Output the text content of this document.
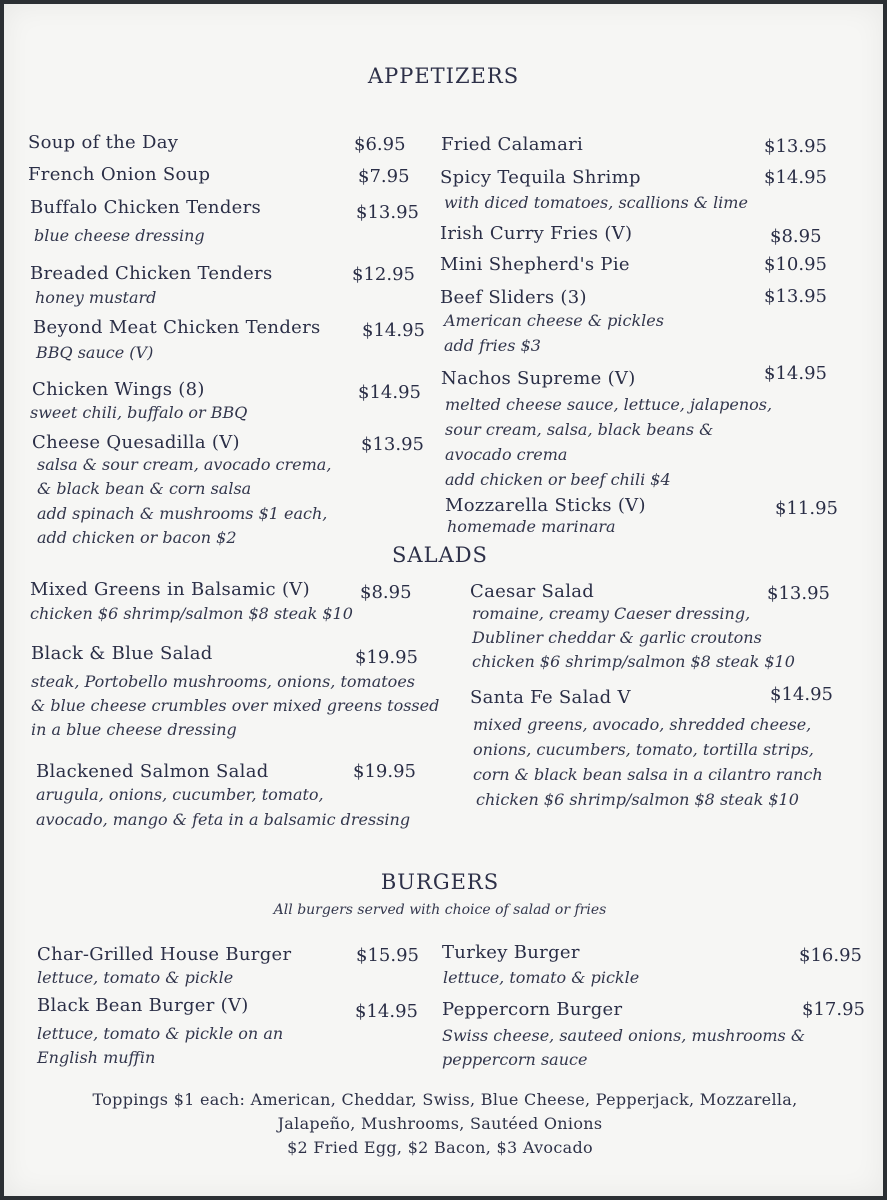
APPETIZERS
Soup of the Day	$6.95
French Onion Soup	$7.95
Buffalo Chicken Tenders	$13.95
blue cheese dressing
Breaded Chicken Tenders	$12.95
honey mustard
Beyond Meat Chicken Tenders $14.95
BBQ sauce (V)
Chicken Wings (8)	$14.95
sweet chili, buffalo or BBQ
Cheese Quesadilla (V)	$13.95
salsa & sour cream, avocado crema,
& black bean & corn salsa
add spinach & mushrooms $1 each,
add chicken or bacon $2
Fried Calamari	$13.95
Spicy Tequila Shrimp	$14.95
with diced tomatoes, scallions & lime
Irish Curry Fries (V)	$8.95
Mini Shepherd's Pie	$10.95
Beef Sliders (3)	$13.95
American cheese & pickles
add fries $3
Nachos Supreme (V)	$14.95
melted cheese sauce, lettuce, jalapenos,
sour cream, salsa, black beans &
avocado crema
add chicken or beef chili $4
Mozzarella Sticks (V)	$11.95
homemade marinara
SALADS
Mixed Greens in Balsamic (V)	$8.95
chicken $6 shrimp/salmon $8 steak $10
Black & Blue Salad	$19.95
steak, Portobello mushrooms, onions, tomatoes
& blue cheese crumbles over mixed greens tossed
in a blue cheese dressing
Blackened Salmon Salad	$19.95
arugula, onions, cucumber, tomato,
avocado, mango & feta in a balsamic dressing
Caesar Salad	$13.95
romaine, creamy Caeser dressing,
Dubliner cheddar & garlic croutons
chicken $6 shrimp/salmon $8 steak $10
Santa Fe Salad V	$14.95
mixed greens, avocado, shredded cheese,
onions, cucumbers, tomato, tortilla strips,
corn & black bean salsa in a cilantro ranch
chicken $6 shrimp/salmon $8 steak $10
BURGERS
All burgers served with choice of salad or fries
Char-Grilled House Burger	$15.95
lettuce, tomato & pickle
Black Bean Burger (V)	$14.95
lettuce, tomato & pickle on an
English muffin
Turkey Burger	$16.95
lettuce, tomato & pickle
Peppercorn Burger	$17.95
Swiss cheese, sauteed onions, mushrooms &
peppercorn sauce
Toppings $1 each: American, Cheddar, Swiss, Blue Cheese, Pepperjack, Mozzarella,
Jalapeño, Mushrooms, Sautéed Onions
$2 Fried Egg, $2 Bacon, $3 Avocado
